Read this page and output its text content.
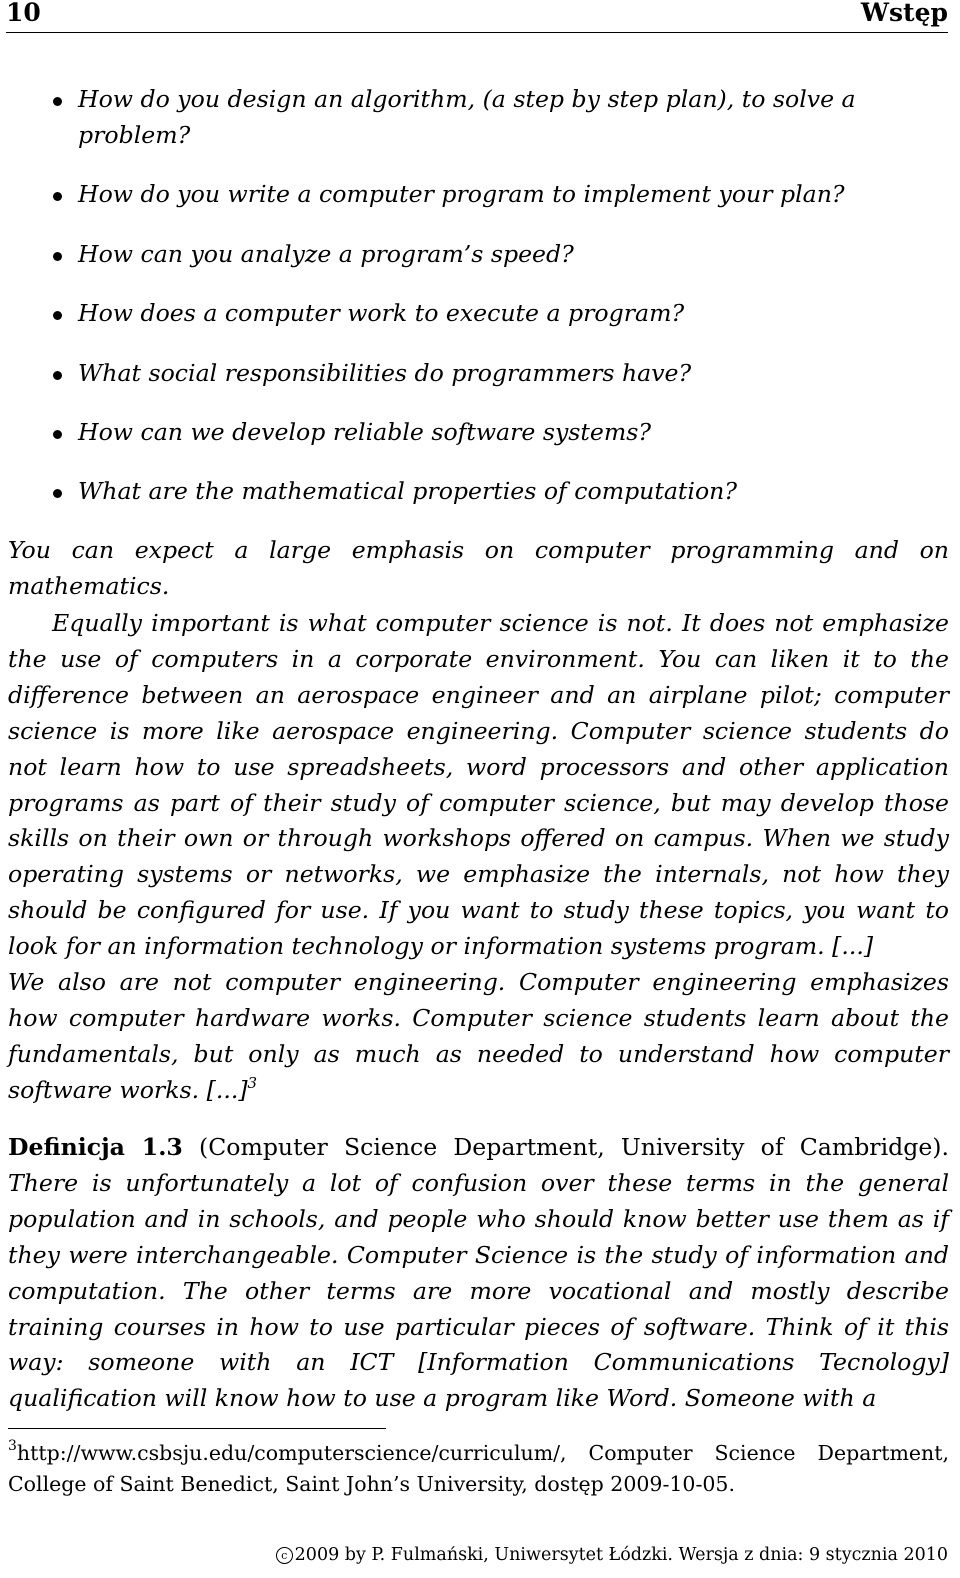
10	Wstęp
How do you design an algorithm, (a step by step plan), to solve a problem?
How do you write a computer program to implement your plan?
How can you analyze a program’s speed?
How does a computer work to execute a program?
What social responsibilities do programmers have?
How can we develop reliable software systems?
What are the mathematical properties of computation?

You can expect a large emphasis on computer programming and on mathematics.

Equally important is what computer science is not. It does not emphasize the use of computers in a corporate environment. You can liken it to the difference between an aerospace engineer and an airplane pilot; computer science is more like aerospace engineering. Computer science students do not learn how to use spreadsheets, word processors and other application programs as part of their study of computer science, but may develop those skills on their own or through workshops offered on campus. When we study operating systems or networks, we emphasize the internals, not how they should be configured for use. If you want to study these topics, you want to look for an information technology or information systems program. [...]
We also are not computer engineering. Computer engineering emphasizes how computer hardware works. Computer science students learn about the fundamentals, but only as much as needed to understand how computer software works. [...]$^3$
Definicja 1.3 (Computer Science Department, University of Cambridge). There is unfortunately a lot of confusion over these terms in the general population and in schools, and people who should know better use them as if they were interchangeable. Computer Science is the study of information and computation. The other terms are more vocational and mostly describe training courses in how to use particular pieces of software. Think of it this way: someone with an ICT [Information Communications Tecnology] qualification will know how to use a program like Word. Someone with a
$^3$http://www.csbsju.edu/computerscience/curriculum/, Computer Science Department, College of Saint Benedict, Saint John’s University, dostęp 2009-10-05.
c 2009 by P. Fulmański, Uniwersytet Łódzki. Wersja z dnia: 9 stycznia 2010
